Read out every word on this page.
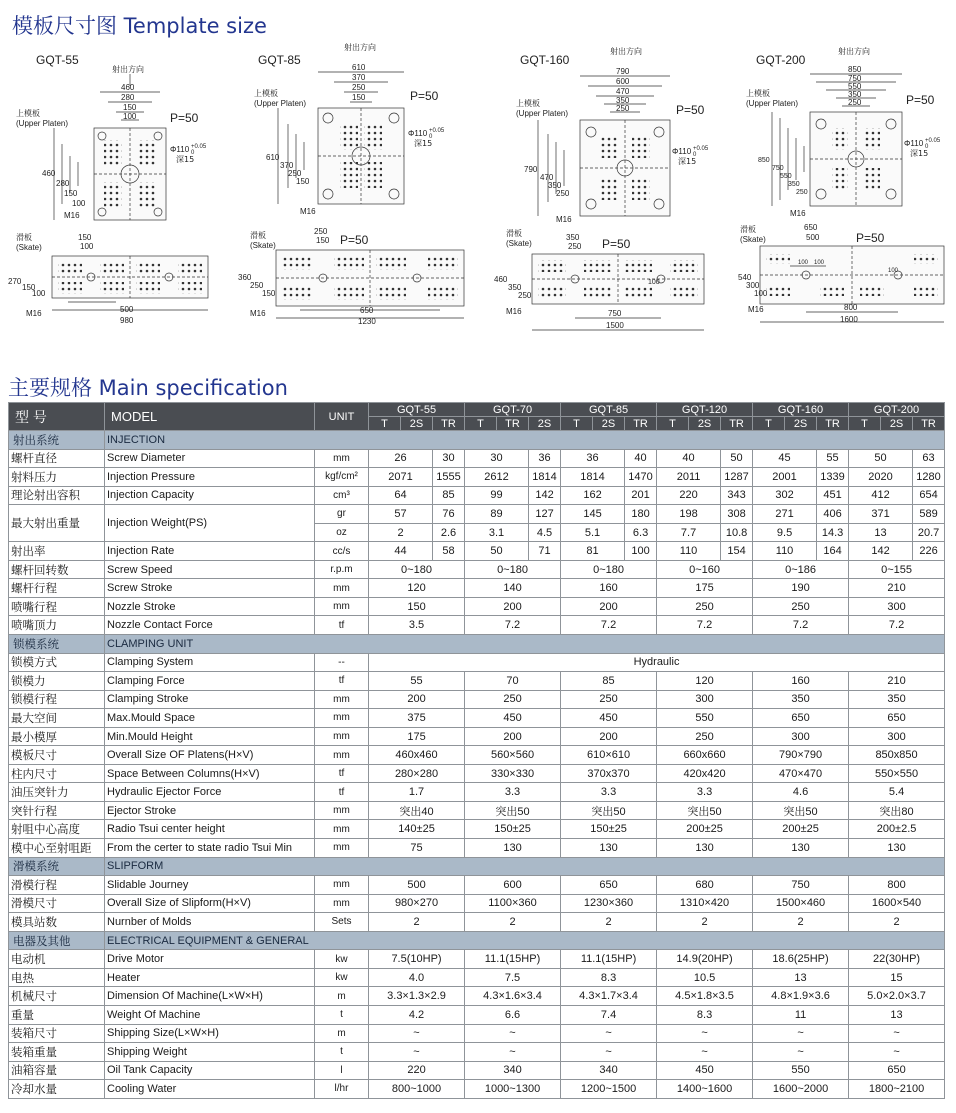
模板尺寸图 Template size
GQT-55
射出方向
上模板
(Upper Platen)	P=50
460
280
150
100
460
280
150
100
Φ110 +0.05
0
深15
M16
滑板
(Skate)
150
100
270
150
100
500
980
M16
GQT-85
射出方向
上模板
(Upper Platen)
P=50
610
370
250
150
610
370
250
150
Φ110 +0.05
0
深15
M16
滑板
(Skate)
250
150 P=50
360
250
150
650
1230
M16
GQT-160
射出方向
上模板
(Upper Platen)	P=50
790
600
470
350
250
790
470
350
250
Φ110 +0.05
0
深15
M16
滑板
(Skate)
350
250 P=50
460
350
250
100
750
1500
M16
GQT-200
射出方向
上模板
(Upper Platen)	P=50
850
750
550
350
250
850
750
550
350
250
Φ110 +0.05
0
深15
M16
滑板
(Skate)
650
500	P=50
540
300
100
100 100
100
800
1600
M16
主要规格 Main specification
型 号	MODEL	UNIT	GQT-55			GQT-70			GQT-85			GQT-120			GQT-160			GQT-200		
			T	2S	TR	T	TR	2S	T	2S	TR	T	2S	TR	T	2S	TR	T	2S	TR
射出系统	INJECTION																			
螺杆直径	Screw Diameter	mm	26		30	30		36	36		40	40		50	45		55	50		63
射料压力	Injection Pressure	kgf/cm²	2071		1555	2612		1814	1814		1470	2011		1287	2001		1339	2020		1280
理论射出容积	Injection Capacity	cm³	64		85	99		142	162		201	220		343	302		451	412		654
最大射出重量	Injection Weight(PS)	gr	57		76	89		127	145		180	198		308	271		406	371		589
		oz	2		2.6	3.1		4.5	5.1		6.3	7.7		10.8	9.5		14.3	13		20.7
射出率	Injection Rate	cc/s	44		58	50		71	81		100	110		154	110		164	142		226
螺杆回转数	Screw Speed	r.p.m	0~180			0~180			0~180			0~160			0~186			0~155		
螺杆行程	Screw Stroke	mm	120			140			160			175			190			210		
喷嘴行程	Nozzle Stroke	mm	150			200			200			250			250			300		
喷嘴顶力	Nozzle Contact Force	tf	3.5			7.2			7.2			7.2			7.2			7.2		
锁模系统	CLAMPING UNIT																			
锁模方式	Clamping System	--	Hydraulic																	
锁模力	Clamping Force	tf	55			70			85			120			160			210		
锁模行程	Clamping Stroke	mm	200			250			250			300			350			350		
最大空间	Max.Mould Space	mm	375			450			450			550			650			650		
最小模厚	Min.Mould Height	mm	175			200			200			250			300			300		
模板尺寸	Overall Size OF Platens(H×V)	mm	460x460			560×560			610×610			660x660			790×790			850x850		
柱内尺寸	Space Between Columns(H×V)	tf	280×280			330×330			370x370			420x420			470×470			550×550		
油压突针力	Hydraulic Ejector Force	tf	1.7			3.3			3.3			3.3			4.6			5.4		
突针行程	Ejector Stroke	mm	突出40			突出50			突出50			突出50			突出50			突出80		
射咀中心高度	Radio Tsui center height	mm	140±25			150±25			150±25			200±25			200±25			200±2.5		
模中心至射咀距	From the certer to state radio Tsui Min	mm	75			130			130			130			130			130		
滑模系统	SLIPFORM																			
滑模行程	Slidable Journey	mm	500			600			650			680			750			800		
滑模尺寸	Overall Size of Slipform(H×V)	mm	980×270			1100×360			1230×360			1310×420			1500×460			1600×540		
模具站数	Nurnber of Molds	Sets	2			2			2			2			2			2		
电器及其他	ELECTRICAL EQUIPMENT & GENERAL																			
电动机	Drive Motor	kw	7.5(10HP)			11.1(15HP)			11.1(15HP)			14.9(20HP)			18.6(25HP)			22(30HP)		
电热	Heater	kw	4.0			7.5			8.3			10.5			13			15		
机械尺寸	Dimension Of Machine(L×W×H)	m	3.3×1.3×2.9			4.3×1.6×3.4			4.3×1.7×3.4			4.5×1.8×3.5			4.8×1.9×3.6			5.0×2.0×3.7		
重量	Weight Of Machine	t	4.2			6.6			7.4			8.3			11			13		
装箱尺寸	Shipping Size(L×W×H)	m	~			~			~			~			~			~		
装箱重量	Shipping Weight	t	~			~			~			~			~			~		
油箱容量	Oil Tank Capacity	l	220			340			340			450			550			650		
冷却水量	Cooling Water	l/hr	800~1000			1000~1300			1200~1500			1400~1600			1600~2000			1800~2100		
